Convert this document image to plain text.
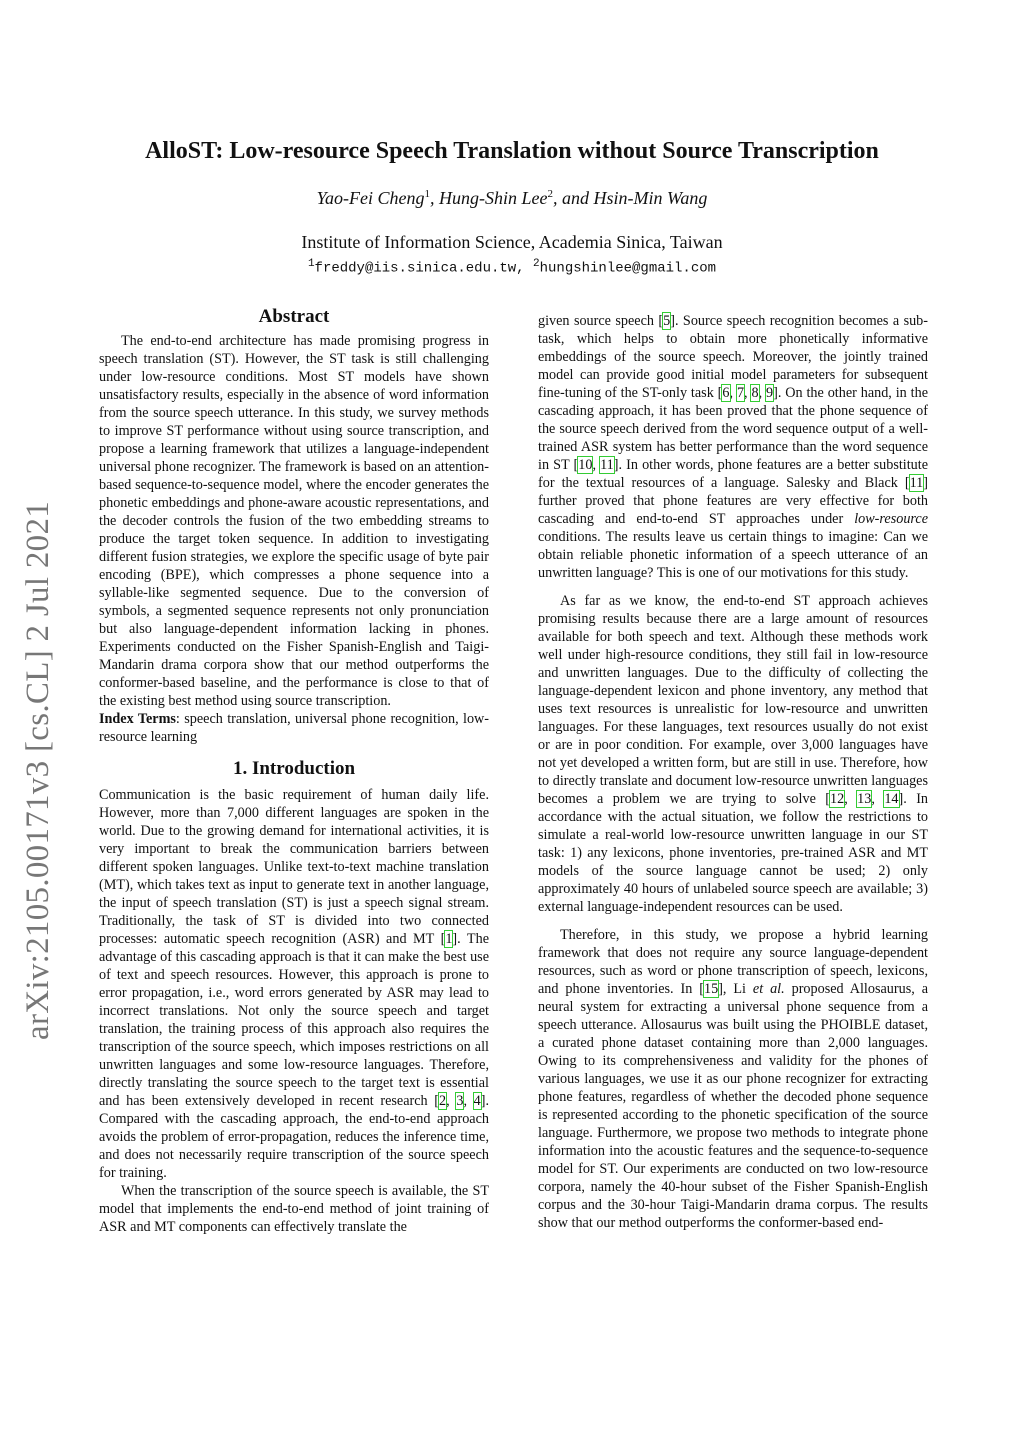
arXiv:2105.00171v3 [cs.CL] 2 Jul 2021
AlloST: Low-resource Speech Translation without Source Transcription
Yao-Fei Cheng$^1$, Hung-Shin Lee$^2$, and Hsin-Min Wang
Institute of Information Science, Academia Sinica, Taiwan
$^1$freddy@iis.sinica.edu.tw, $^2$hungshinlee@gmail.com
Abstract

The end-to-end architecture has made promising progress in speech translation (ST). However, the ST task is still challenging under low-resource conditions. Most ST models have shown unsatisfactory results, especially in the absence of word information from the source speech utterance. In this study, we survey methods to improve ST performance without using source transcription, and propose a learning framework that utilizes a language-independent universal phone recognizer. The framework is based on an attention-based sequence-to-sequence model, where the encoder generates the phonetic embeddings and phone-aware acoustic representations, and the decoder controls the fusion of the two embedding streams to produce the target token sequence. In addition to investigating different fusion strategies, we explore the specific usage of byte pair encoding (BPE), which compresses a phone sequence into a syllable-like segmented sequence. Due to the conversion of symbols, a segmented sequence represents not only pronunciation but also language-dependent information lacking in phones. Experiments conducted on the Fisher Spanish-English and Taigi-Mandarin drama corpora show that our method outperforms the conformer-based baseline, and the performance is close to that of the existing best method using source transcription.

Index Terms: speech translation, universal phone recognition, low-resource learning

1. Introduction

Communication is the basic requirement of human daily life. However, more than 7,000 different languages are spoken in the world. Due to the growing demand for international activities, it is very important to break the communication barriers between different spoken languages. Unlike text-to-text machine translation (MT), which takes text as input to generate text in another language, the input of speech translation (ST) is just a speech signal stream. Traditionally, the task of ST is divided into two connected processes: automatic speech recognition (ASR) and MT [1]. The advantage of this cascading approach is that it can make the best use of text and speech resources. However, this approach is prone to error propagation, i.e., word errors generated by ASR may lead to incorrect translations. Not only the source speech and target translation, the training process of this approach also requires the transcription of the source speech, which imposes restrictions on all unwritten languages and some low-resource languages. Therefore, directly translating the source speech to the target text is essential and has been extensively developed in recent research [2, 3, 4]. Compared with the cascading approach, the end-to-end approach avoids the problem of error-propagation, reduces the inference time, and does not necessarily require transcription of the source speech for training.

When the transcription of the source speech is available, the ST model that implements the end-to-end method of joint training of ASR and MT components can effectively translate the

given source speech [5]. Source speech recognition becomes a sub-task, which helps to obtain more phonetically informative embeddings of the source speech. Moreover, the jointly trained model can provide good initial model parameters for subsequent fine-tuning of the ST-only task [6, 7, 8, 9]. On the other hand, in the cascading approach, it has been proved that the phone sequence of the source speech derived from the word sequence output of a well-trained ASR system has better performance than the word sequence in ST [10, 11]. In other words, phone features are a better substitute for the textual resources of a language. Salesky and Black [11] further proved that phone features are very effective for both cascading and end-to-end ST approaches under low-resource conditions. The results leave us certain things to imagine: Can we obtain reliable phonetic information of a speech utterance of an unwritten language? This is one of our motivations for this study.

As far as we know, the end-to-end ST approach achieves promising results because there are a large amount of resources available for both speech and text. Although these methods work well under high-resource conditions, they still fail in low-resource and unwritten languages. Due to the difficulty of collecting the language-dependent lexicon and phone inventory, any method that uses text resources is unrealistic for low-resource and unwritten languages. For these languages, text resources usually do not exist or are in poor condition. For example, over 3,000 languages have not yet developed a written form, but are still in use. Therefore, how to directly translate and document low-resource unwritten languages becomes a problem we are trying to solve [12, 13, 14]. In accordance with the actual situation, we follow the restrictions to simulate a real-world low-resource unwritten language in our ST task: 1) any lexicons, phone inventories, pre-trained ASR and MT models of the source language cannot be used; 2) only approximately 40 hours of unlabeled source speech are available; 3) external language-independent resources can be used.

Therefore, in this study, we propose a hybrid learning framework that does not require any source language-dependent resources, such as word or phone transcription of speech, lexicons, and phone inventories. In [15], Li et al. proposed Allosaurus, a neural system for extracting a universal phone sequence from a speech utterance. Allosaurus was built using the PHOIBLE dataset, a curated phone dataset containing more than 2,000 languages. Owing to its comprehensiveness and validity for the phones of various languages, we use it as our phone recognizer for extracting phone features, regardless of whether the decoded phone sequence is represented according to the phonetic specification of the source language. Furthermore, we propose two methods to integrate phone information into the acoustic features and the sequence-to-sequence model for ST. Our experiments are conducted on two low-resource corpora, namely the 40-hour subset of the Fisher Spanish-English corpus and the 30-hour Taigi-Mandarin drama corpus. The results show that our method outperforms the conformer-based end-
